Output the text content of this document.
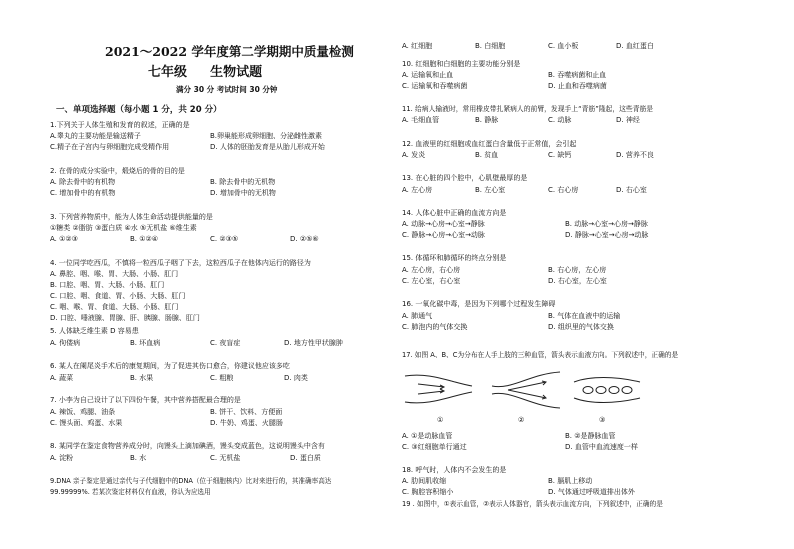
2021～2022 学年度第二学期期中质量检测
七年级 生物试题
满分 30 分 考试时间 30 分钟
一、单项选择题（每小题 1 分，共 20 分）
1.下列关于人体生殖和发育的叙述，正确的是
A.睾丸的主要功能是输送精子	B.卵巢能形成卵细胞、分泌雌性激素
C.精子在子宫内与卵细胞完成受精作用	D. 人体的胚胎发育是从胎儿形成开始
2. 在骨的成分实验中，煅烧后的骨的目的是
A. 除去骨中的有机物	B. 除去骨中的无机物
C. 增加骨中的有机物	D. 增加骨中的无机物
3. 下列营养物质中，能为人体生命活动提供能量的是
①糖类 ②脂肪 ③蛋白质 ④水 ⑤无机盐 ⑥维生素
A. ①②③	B. ①②④	C. ②③⑤	D. ②⑤⑥
4. 一位同学吃西瓜，不慎将一粒西瓜子咽了下去，这粒西瓜子在他体内运行的路径为
A. 鼻腔、咽、喉、胃、大肠、小肠、肛门
B. 口腔、咽、胃、大肠、小肠、肛门
C. 口腔、咽、食道、胃、小肠、大肠、肛门
C. 咽、喉、胃、食道、大肠、小肠、肛门
D. 口腔、唾液腺、胃腺、肝、胰腺、肠腺、肛门
5. 人体缺乏维生素 D 容易患
A. 佝偻病	B. 坏血病	C. 夜盲症	D. 地方性甲状腺肿
6. 某人在阑尾炎手术后的康复期间，为了促进其伤口愈合，你建议他应该多吃
A. 蔬菜	B. 水果	C. 粗粮	D. 肉类
7. 小李为自己设计了以下四份午餐，其中营养搭配最合理的是
A. 辣饭、鸡腿、油条	B. 饼干、饮料、方便面
C. 馒头面、鸡蛋、水果	D. 牛奶、鸡蛋、火腿肠
8. 某同学在鉴定食物营养成分时，向馒头上滴加碘酒，馒头变成蓝色，这说明馒头中含有
A. 淀粉	B. 水	C. 无机盐	D. 蛋白质
9.DNA 亲子鉴定是通过亲代与子代细胞中的DNA（位于细胞核内）比对来进行的，其准确率高达
99.99999%. 若某次鉴定材料仅有血液，你认为应选用
A. 红细胞	B. 白细胞	C. 血小板	D. 血红蛋白
10. 红细胞和白细胞的主要功能分别是
A. 运输氧和止血	B. 吞噬病菌和止血
C. 运输氧和吞噬病菌	D. 止血和吞噬病菌
11. 给病人输液时，常用橡皮带扎紧病人的前臂，发现手上“青筋”隆起，这些青筋是
A. 毛细血管	B. 静脉	C. 动脉	D. 神经
12. 血液里的红细胞或血红蛋白含量低于正常值，会引起
A. 发炎	B. 贫血	C. 缺钙	D. 营养不良
13. 在心脏的四个腔中，心肌壁最厚的是
A. 左心房	B. 左心室	C. 右心房	D. 右心室
14. 人体心脏中正确的血流方向是
A. 动脉→心房→心室→静脉	B. 动脉→心室→心房→静脉
C. 静脉→心房→心室→动脉	D. 静脉→心室→心房→动脉
15. 体循环和肺循环的终点分别是
A. 左心房，右心房	B. 右心房，左心房
C. 左心室，右心室	D. 右心室，左心室
16. 一氧化碳中毒，是因为下列哪个过程发生障碍
A. 肺通气	B. 气体在血液中的运输
C. 肺泡内的气体交换	D. 组织里的气体交换
17. 如图 A、B、C为分布在人手上肢的三种血管，箭头表示血液方向。下列叙述中，正确的是
①	②	③
A. ①是动脉血管	B. ②是静脉血管
C. ③红细胞单行通过	D. 血管中血流速度一样
18. 呼气时，人体内不会发生的是
A. 肋间肌收缩	B. 膈肌上移动
C. 胸腔容积缩小	D. 气体通过呼吸道排出体外
19 . 如图中，①表示血管，②表示人体器官，箭头表示血流方向，下列叙述中，正确的是
